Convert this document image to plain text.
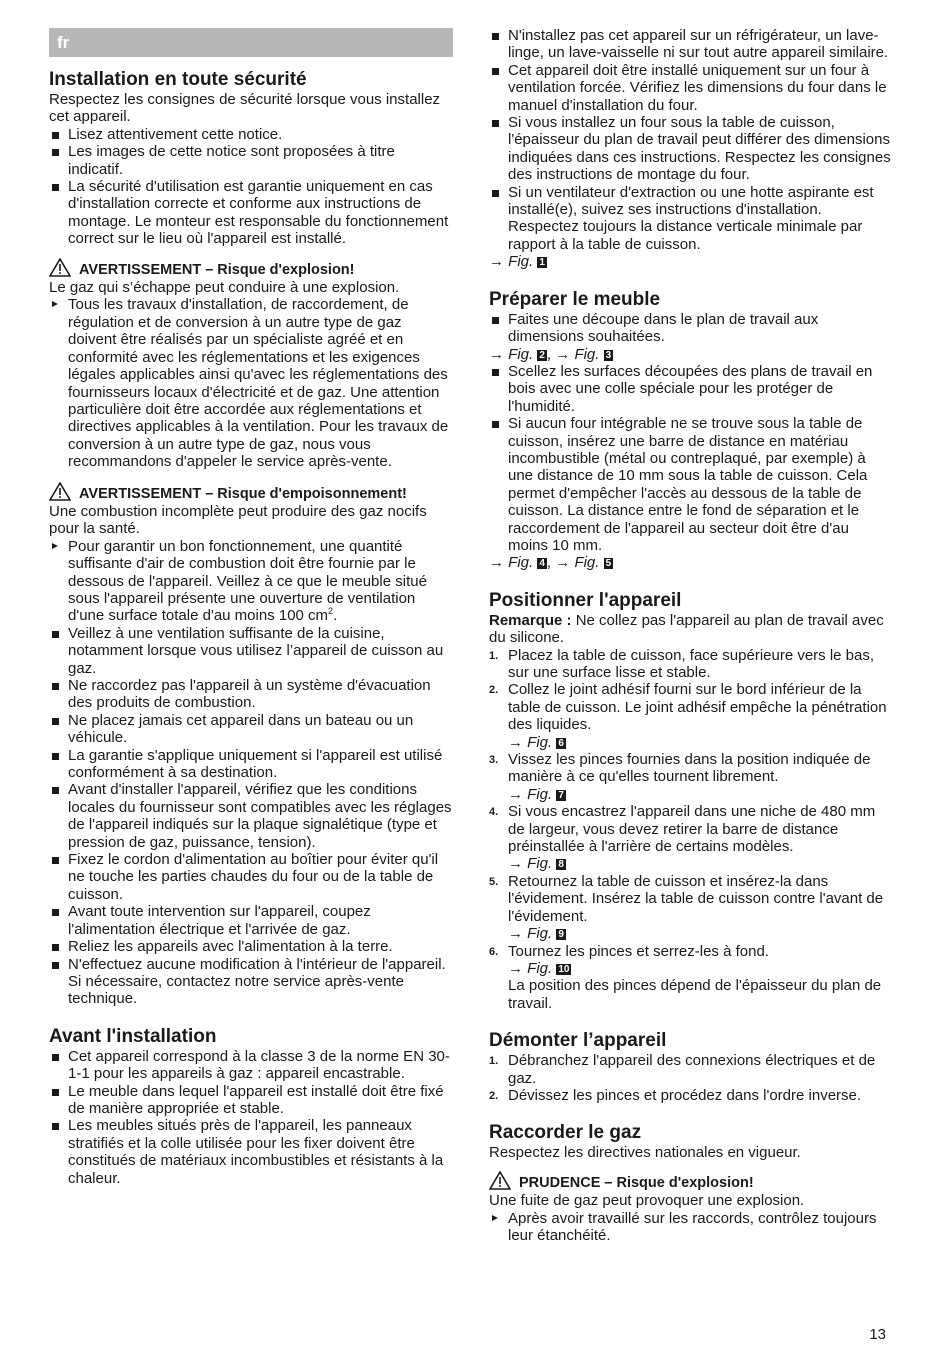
fr
Installation en toute sécurité

Respectez les consignes de sécurité lorsque vous installez cet appareil.

Lisez attentivement cette notice.
Les images de cette notice sont proposées à titre indicatif.
La sécurité d'utilisation est garantie uniquement en cas d'installation correcte et conforme aux instructions de montage. Le monteur est responsable du fonctionnement correct sur le lieu où l'appareil est installé.
AVERTISSEMENT – Risque d'explosion!

Le gaz qui s’échappe peut conduire à une explosion.

Tous les travaux d'installation, de raccordement, de régulation et de conversion à un autre type de gaz doivent être réalisés par un spécialiste agréé et en conformité avec les réglementations et les exigences légales applicables ainsi qu'avec les réglementations des fournisseurs locaux d'électricité et de gaz. Une attention particulière doit être accordée aux réglementations et directives applicables à la ventilation. Pour les travaux de conversion à un autre type de gaz, nous vous recommandons d'appeler le service après-vente.
AVERTISSEMENT – Risque d'empoisonnement!

Une combustion incomplète peut produire des gaz nocifs pour la santé.

Pour garantir un bon fonctionnement, une quantité suffisante d'air de combustion doit être fournie par le dessous de l'appareil. Veillez à ce que le meuble situé sous l'appareil présente une ouverture de ventilation d'une surface totale d'au moins 100 $cm^2$.
Veillez à une ventilation suffisante de la cuisine, notamment lorsque vous utilisez l’appareil de cuisson au gaz.
Ne raccordez pas l'appareil à un système d'évacuation des produits de combustion.
Ne placez jamais cet appareil dans un bateau ou un véhicule.
La garantie s'applique uniquement si l'appareil est utilisé conformément à sa destination.
Avant d'installer l'appareil, vérifiez que les conditions locales du fournisseur sont compatibles avec les réglages de l'appareil indiqués sur la plaque signalétique (type et pression de gaz, puissance, tension).
Fixez le cordon d'alimentation au boîtier pour éviter qu'il ne touche les parties chaudes du four ou de la table de cuisson.
Avant toute intervention sur l'appareil, coupez l'alimentation électrique et l'arrivée de gaz.
Reliez les appareils avec l'alimentation à la terre.
N'effectuez aucune modification à l'intérieur de l'appareil. Si nécessaire, contactez notre service après-vente technique.
Avant l'installation
Cet appareil correspond à la classe 3 de la norme EN 30-1-1 pour les appareils à gaz : appareil encastrable.
Le meuble dans lequel l'appareil est installé doit être fixé de manière appropriée et stable.
Les meubles situés près de l'appareil, les panneaux stratifiés et la colle utilisée pour les fixer doivent être constitués de matériaux incombustibles et résistants à la chaleur.
N'installez pas cet appareil sur un réfrigérateur, un lave-linge, un lave-vaisselle ni sur tout autre appareil similaire.
Cet appareil doit être installé uniquement sur un four à ventilation forcée. Vérifiez les dimensions du four dans le manuel d'installation du four.
Si vous installez un four sous la table de cuisson, l'épaisseur du plan de travail peut différer des dimensions indiquées dans ces instructions. Respectez les consignes des instructions de montage du four.
Si un ventilateur d'extraction ou une hotte aspirante est installé(e), suivez ses instructions d'installation. Respectez toujours la distance verticale minimale par rapport à la table de cuisson.

→ Fig. 1

Préparer le meuble
Faites une découpe dans le plan de travail aux dimensions souhaitées.

→ Fig. 2 , → Fig. 3

Scellez les surfaces découpées des plans de travail en bois avec une colle spéciale pour les protéger de l'humidité.
Si aucun four intégrable ne se trouve sous la table de cuisson, insérez une barre de distance en matériau incombustible (métal ou contreplaqué, par exemple) à une distance de 10 mm sous la table de cuisson. Cela permet d'empêcher l'accès au dessous de la table de cuisson. La distance entre le fond de séparation et le raccordement de l'appareil au secteur doit être d'au moins 10 mm.

→ Fig. 4 , → Fig. 5

Positionner l'appareil

Remarque : Ne collez pas l'appareil au plan de travail avec du silicone.

1. Placez la table de cuisson, face supérieure vers le bas, sur une surface lisse et stable.
2. Collez le joint adhésif fourni sur le bord inférieur de la table de cuisson. Le joint adhésif empêche la pénétration des liquides.
→ Fig. 6
3. Vissez les pinces fournies dans la position indiquée de manière à ce qu'elles tournent librement.
→ Fig. 7
4. Si vous encastrez l'appareil dans une niche de 480 mm de largeur, vous devez retirer la barre de distance préinstallée à l'arrière de certains modèles.
→ Fig. 8
5. Retournez la table de cuisson et insérez-la dans l'évidement. Insérez la table de cuisson contre l'avant de l'évidement.
→ Fig. 9
6. Tournez les pinces et serrez-les à fond.
→ Fig. 10
La position des pinces dépend de l'épaisseur du plan de travail.
Démonter l’appareil
1. Débranchez l'appareil des connexions électriques et de gaz.
2. Dévissez les pinces et procédez dans l'ordre inverse.
Raccorder le gaz

Respectez les directives nationales en vigueur.

PRUDENCE – Risque d'explosion!

Une fuite de gaz peut provoquer une explosion.

Après avoir travaillé sur les raccords, contrôlez toujours leur étanchéité.
13
